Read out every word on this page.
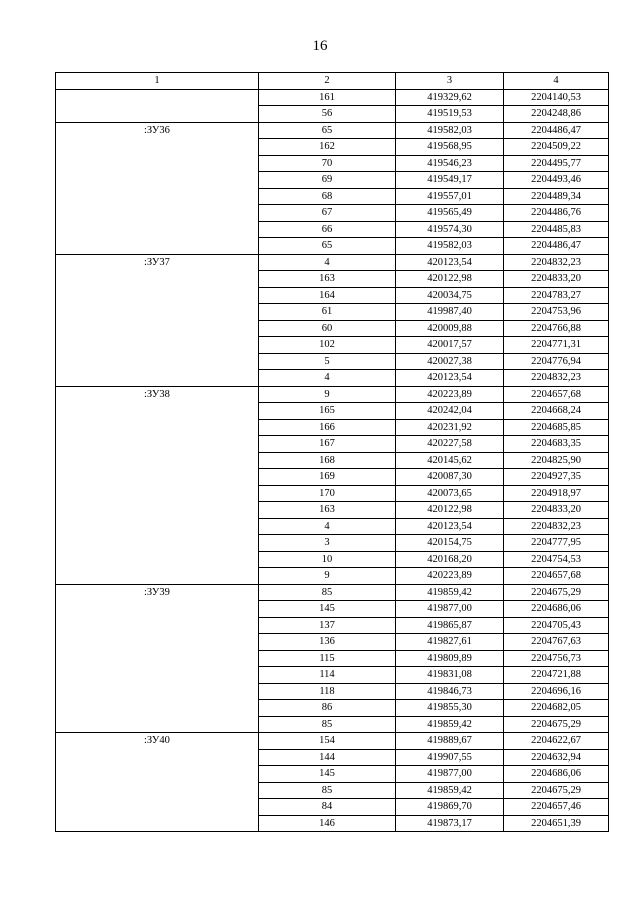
16
1	2	3	4
	161	419329,62	2204140,53
	56	419519,53	2204248,86
:ЗУ36	65	419582,03	2204486,47
	162	419568,95	2204509,22
	70	419546,23	2204495,77
	69	419549,17	2204493,46
	68	419557,01	2204489,34
	67	419565,49	2204486,76
	66	419574,30	2204485,83
	65	419582,03	2204486,47
:ЗУ37	4	420123,54	2204832,23
	163	420122,98	2204833,20
	164	420034,75	2204783,27
	61	419987,40	2204753,96
	60	420009,88	2204766,88
	102	420017,57	2204771,31
	5	420027,38	2204776,94
	4	420123,54	2204832,23
:ЗУ38	9	420223,89	2204657,68
	165	420242,04	2204668,24
	166	420231,92	2204685,85
	167	420227,58	2204683,35
	168	420145,62	2204825,90
	169	420087,30	2204927,35
	170	420073,65	2204918,97
	163	420122,98	2204833,20
	4	420123,54	2204832,23
	3	420154,75	2204777,95
	10	420168,20	2204754,53
	9	420223,89	2204657,68
:ЗУ39	85	419859,42	2204675,29
	145	419877,00	2204686,06
	137	419865,87	2204705,43
	136	419827,61	2204767,63
	115	419809,89	2204756,73
	114	419831,08	2204721,88
	118	419846,73	2204696,16
	86	419855,30	2204682,05
	85	419859,42	2204675,29
:ЗУ40	154	419889,67	2204622,67
	144	419907,55	2204632,94
	145	419877,00	2204686,06
	85	419859,42	2204675,29
	84	419869,70	2204657,46
	146	419873,17	2204651,39
